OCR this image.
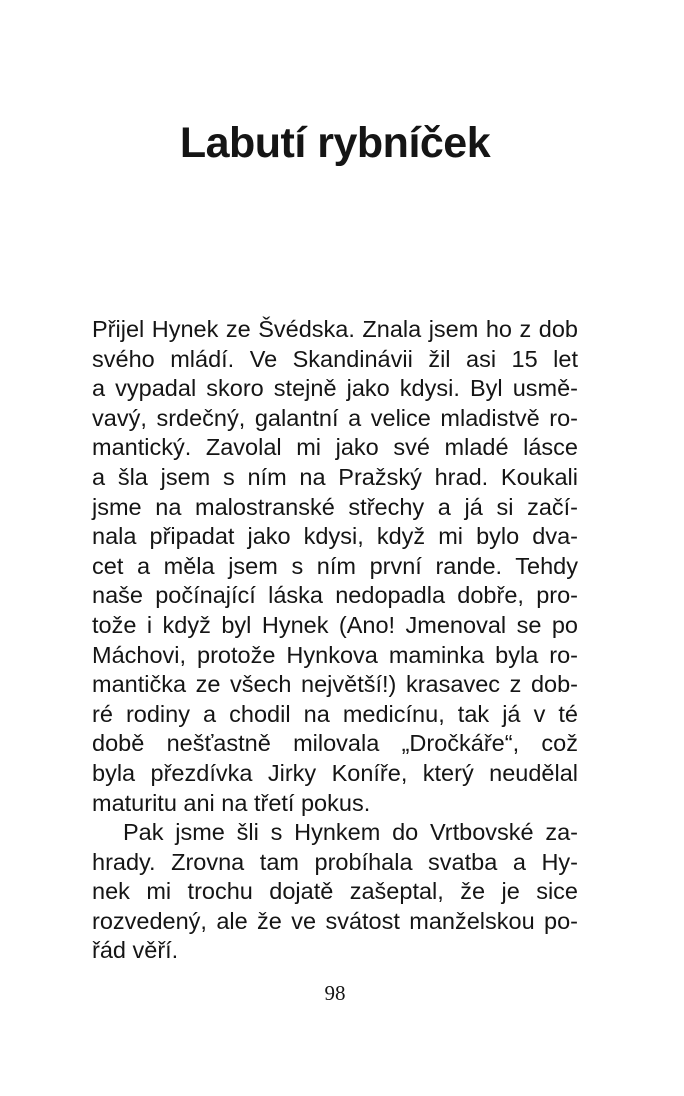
Labutí rybníček
Přijel Hynek ze Švédska. Znala jsem ho z dob
svého mládí. Ve Skandinávii žil asi 15 let
a vypadal skoro stejně jako kdysi. Byl usmě-
vavý, srdečný, galantní a velice mladistvě ro-
mantický. Zavolal mi jako své mladé lásce
a šla jsem s ním na Pražský hrad. Koukali
jsme na malostranské střechy a já si začí-
nala připadat jako kdysi, když mi bylo dva-
cet a měla jsem s ním první rande. Tehdy
naše počínající láska nedopadla dobře, pro-
tože i když byl Hynek (Ano! Jmenoval se po
Máchovi, protože Hynkova maminka byla ro-
mantička ze všech největší!) krasavec z dob-
ré rodiny a chodil na medicínu, tak já v té
době nešťastně milovala „Dročkáře“, což
byla přezdívka Jirky Koníře, který neudělal
maturitu ani na třetí pokus.
Pak jsme šli s Hynkem do Vrtbovské za-
hrady. Zrovna tam probíhala svatba a Hy-
nek mi trochu dojatě zašeptal, že je sice
rozvedený, ale že ve svátost manželskou po-
řád věří.
98
